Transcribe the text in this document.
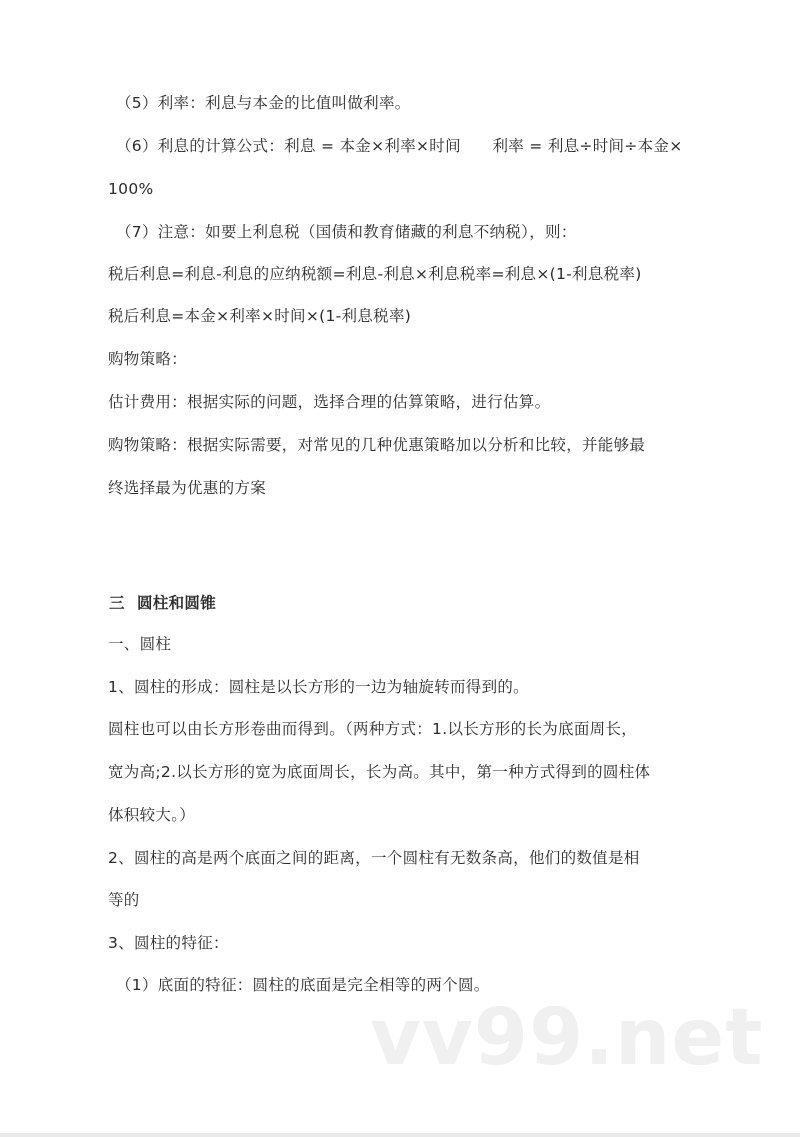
（5）利率：利息与本金的比值叫做利率。
（6）利息的计算公式：利息 = 本金×利率×时间　　利率 = 利息÷时间÷本金×
100%
（7）注意：如要上利息税（国债和教育储藏的利息不纳税），则：
税后利息=利息-利息的应纳税额=利息-利息×利息税率=利息×(1-利息税率)
税后利息=本金×利率×时间×(1-利息税率)
购物策略：
估计费用：根据实际的问题，选择合理的估算策略，进行估算。
购物策略：根据实际需要，对常见的几种优惠策略加以分析和比较，并能够最
终选择最为优惠的方案
三 圆柱和圆锥
一、圆柱
1、圆柱的形成：圆柱是以长方形的一边为轴旋转而得到的。
圆柱也可以由长方形卷曲而得到。（两种方式：1.以长方形的长为底面周长，
宽为高;2.以长方形的宽为底面周长，长为高。其中，第一种方式得到的圆柱体
体积较大。）
2、圆柱的高是两个底面之间的距离，一个圆柱有无数条高，他们的数值是相
等的
3、圆柱的特征：
（1）底面的特征：圆柱的底面是完全相等的两个圆。
vv99.net
